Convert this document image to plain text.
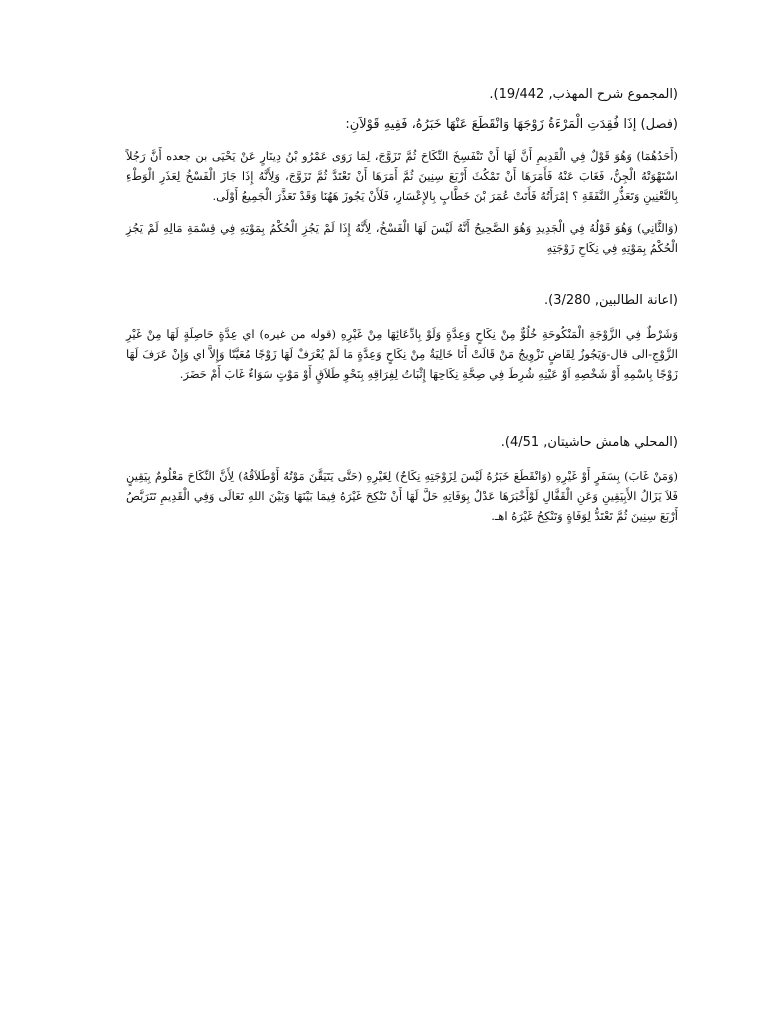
(المجموع شرح المهذب, 19/442).

(فصل) إذَا فُقِدَتِ الْمَرْءَةُ زَوْجَهَا وَانْقَطَعَ عَنْهَا خَبَرُهُ، فَفِيهِ قَوْلاَنِ:

(أَحَدُهُمَا) وَهُوَ قَوْلٌ فِي الْقَدِيمِ أَنَّ لَهَا أَنْ تَنْفَسِخَ النِّكَاحَ ثُمَّ تَزَوَّجَ، لِمَا رَوَى عَمْرُو بْنُ دِينَارٍ عَنْ يَحْيَى بن جعده أَنَّ رَجُلاً اسْتَهْوَتْهُ الْجِنُّ، فَغَابَ عَنْهُ فَأَمَرَهَا أَنْ تَمْكُثَ أَرْبَعَ سِنِينَ ثُمَّ أَمَرَهَا أَنْ تَعْتَدَّ ثُمَّ تَزَوَّجَ، وَلِأَنَّهُ إِذَا جَازَ الْفَسْخُ لِعَذَرِ الْوَطْءِ بِالتَّعْنِينِ وَتَعَذُّرِ النَّفَقَةِ ؟ إمْرَأَتُهُ فَأَتَتْ عُمَرَ بْنَ خَطَّابٍ بِالإِعْسَارِ، فَلَأَنْ يَجُوزَ هَهُنَا وَقَدْ تَعَذَّرَ الْجَمِيعُ أَوْلَى.

(وَالثَّانِي) وَهُوَ قَوْلُهُ فِي الْجَدِيدِ وَهُوَ الصَّحِيحُ أَنَّهُ لَيْسَ لَهَا الْفَسْخُ، لِأَنَّهُ إِذَا لَمْ يَجُزِ الْحُكْمُ بِمَوْتِهِ فِي قِسْمَةِ مَالِهِ لَمْ يَجُزِ الْحُكْمُ بِمَوْتِهِ فِي نِكَاحِ زَوْجَتِهِ

(اعانة الطالبين, 3/280).

وَشَرْطٌ فِي الزَّوْجَةِ الْمَنْكُوحَةِ خُلُوٌّ مِنْ نِكَاحٍ وَعِدَّةٍ وَلَوْ بِادِّعَائِهَا مِنْ غَيْرِهِ (قوله من غيره) اي عِدَّةٍ حَاصِلَةٍ لَهَا مِنْ غَيْرِ الزَّوْجِ-الى قال-وَيَجُوزُ لِقَاضٍ تَزْوِيجُ مَنْ قَالَتْ أَنَا خَالِيَةٌ مِنْ نِكَاحٍ وَعِدَّةٍ مَا لَمْ يُعْرَفْ لَهَا زَوْجًا مُعَيَّنًا وَإِلاَّ اي وَإِنْ عَرَفَ لَهَا زَوْجًا بِاسْمِهِ أَوْ شَخْصِهِ اَوْ عَيْنِهِ شُرِطَ فِي صِحَّةِ نِكَاحِهَا إِثْبَاتُ لِفِرَاقِهِ بِنَحْوِ طَلاَقٍ أَوْ مَوْتٍ سَوَاءٌ غَابَ أَمْ حَضَرَ.

(المحلي هامش حاشيتان, 4/51).

(وَمَنْ غَابَ) بِسَفَرٍ أَوْ غَيْرِهِ (وَانْقَطَعَ خَبَرُهُ لَيْسَ لِزَوْجَتِهِ نِكَاحٌ) لِغَيْرِهِ (حَتَّى يَتَيَقَّنَ مَوْتُهُ أَوْطَلاَقُهُ) لِأَنَّ النِّكَاحَ مَعْلُومٌ بِيَقِينٍ فَلاَ يَزَالُ الأَبِيَقِينِ وَعَنِ الْقَفَّالِ لَوْأَخْبَرَهَا عَدْلٌ بِوَفَاتِهِ حَلَّ لَهَا أَنْ تَنْكِحَ غَيْرَهُ فِيمَا بَيْنَهَا وَبَيْنَ اللهِ تَعَالَى وَفِي الْقَدِيمِ تَتَرَبَّصُ أَرْبَعَ سِنِينَ ثُمَّ تَعْتَدُّ لِوَفَاةٍ وَتَنْكِحُ غَيْرَهُ اهـ.
